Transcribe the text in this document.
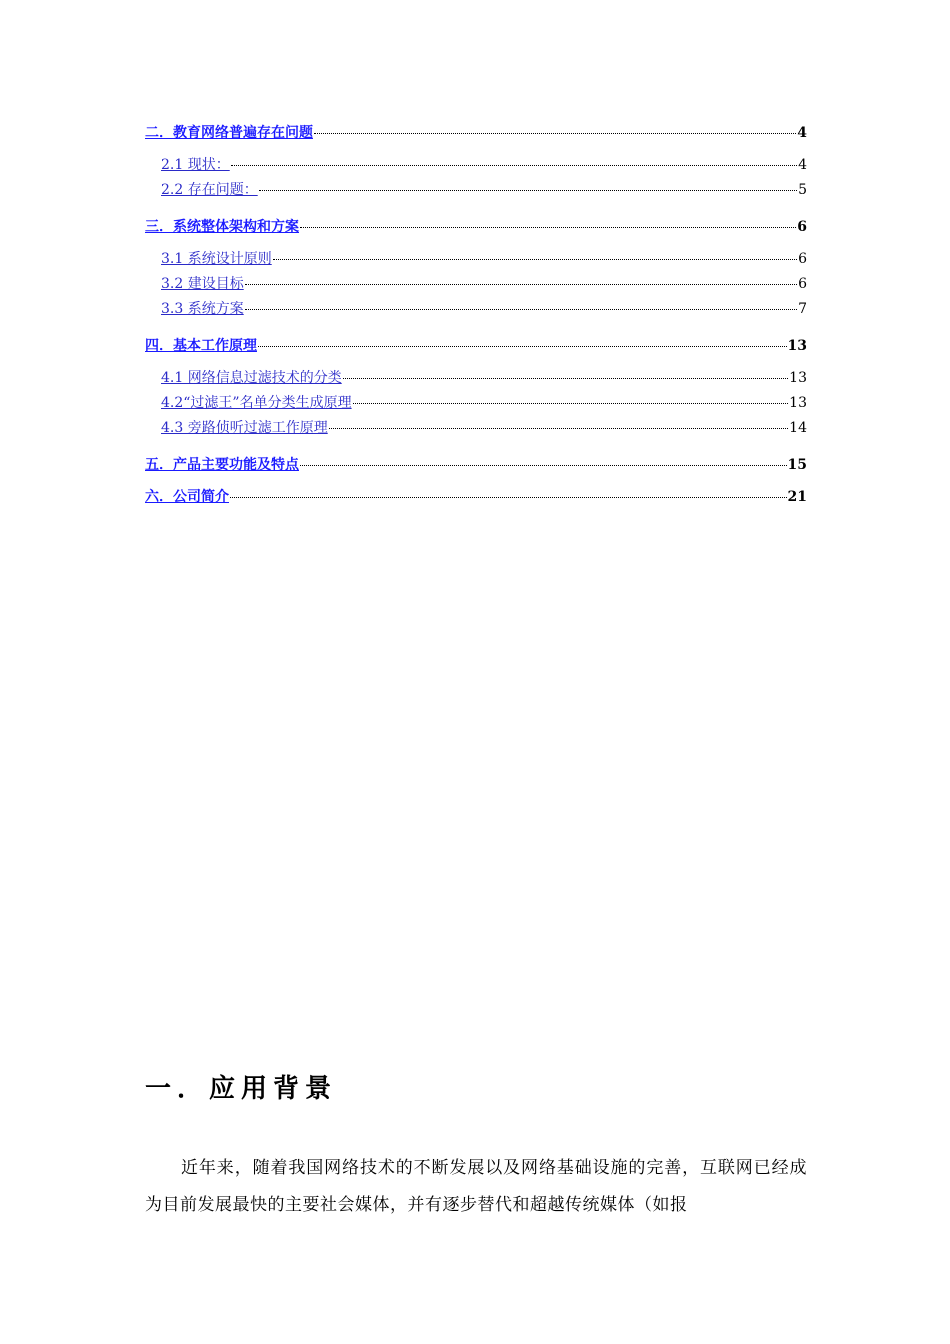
二．教育网络普遍存在问题	4
2.1 现状：	4
2.2 存在问题：	5
三．系统整体架构和方案	6
3.1 系统设计原则	6
3.2 建设目标	6
3.3 系统方案	7
四．基本工作原理	13
4.1 网络信息过滤技术的分类	13
4.2“过滤王”名单分类生成原理	13
4.3 旁路侦听过滤工作原理	14
五．产品主要功能及特点	15
六．公司简介	21
一．应用背景
近年来，随着我国网络技术的不断发展以及网络基础设施的完善，互联网已经成为目前发展最快的主要社会媒体，并有逐步替代和超越传统媒体（如报
